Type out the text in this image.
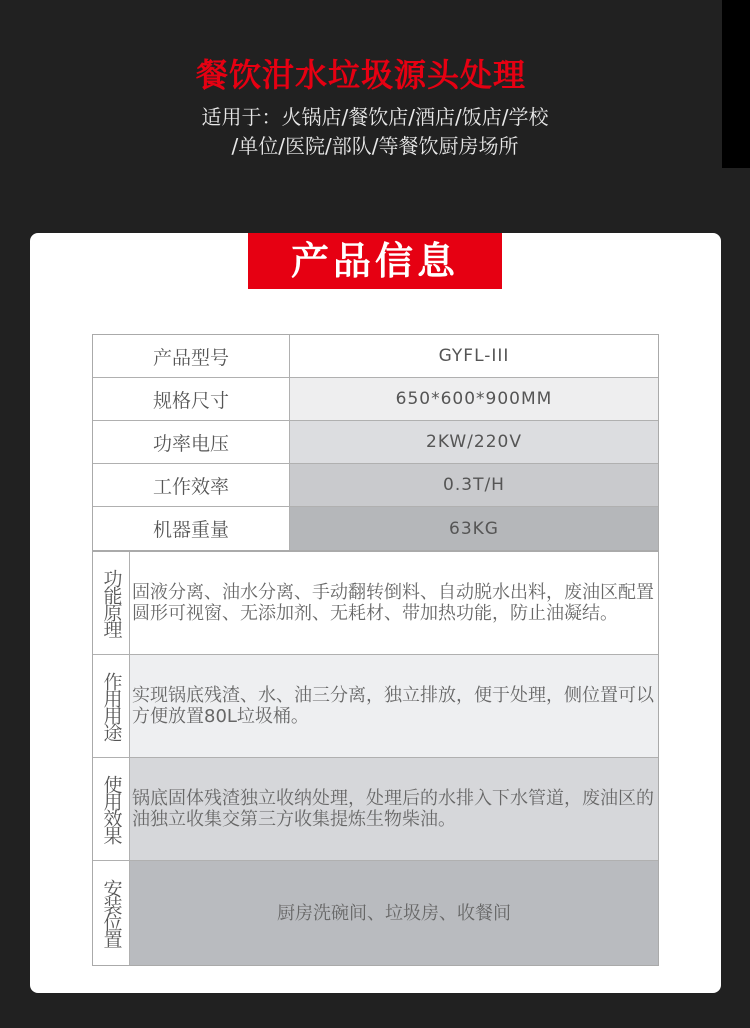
餐饮泔水垃圾源头处理
适用于：火锅店/餐饮店/酒店/饭店/学校
/单位/医院/部队/等餐饮厨房场所
产品信息
产品型号	GYFL-III
规格尺寸	650*600*900MM
功率电压	2KW/220V
工作效率	0.3T/H
机器重量	63KG
功能原理 固液分离、油水分离、手动翻转倒料、自动脱水出料，废油区配置圆形可视窗、无添加剂、无耗材、带加热功能，防止油凝结。
作用用途 实现锅底残渣、水、油三分离，独立排放，便于处理，侧位置可以方便放置80L垃圾桶。
使用效果 锅底固体残渣独立收纳处理，处理后的水排入下水管道，废油区的油独立收集交第三方收集提炼生物柴油。
安装位置	厨房洗碗间、垃圾房、收餐间
